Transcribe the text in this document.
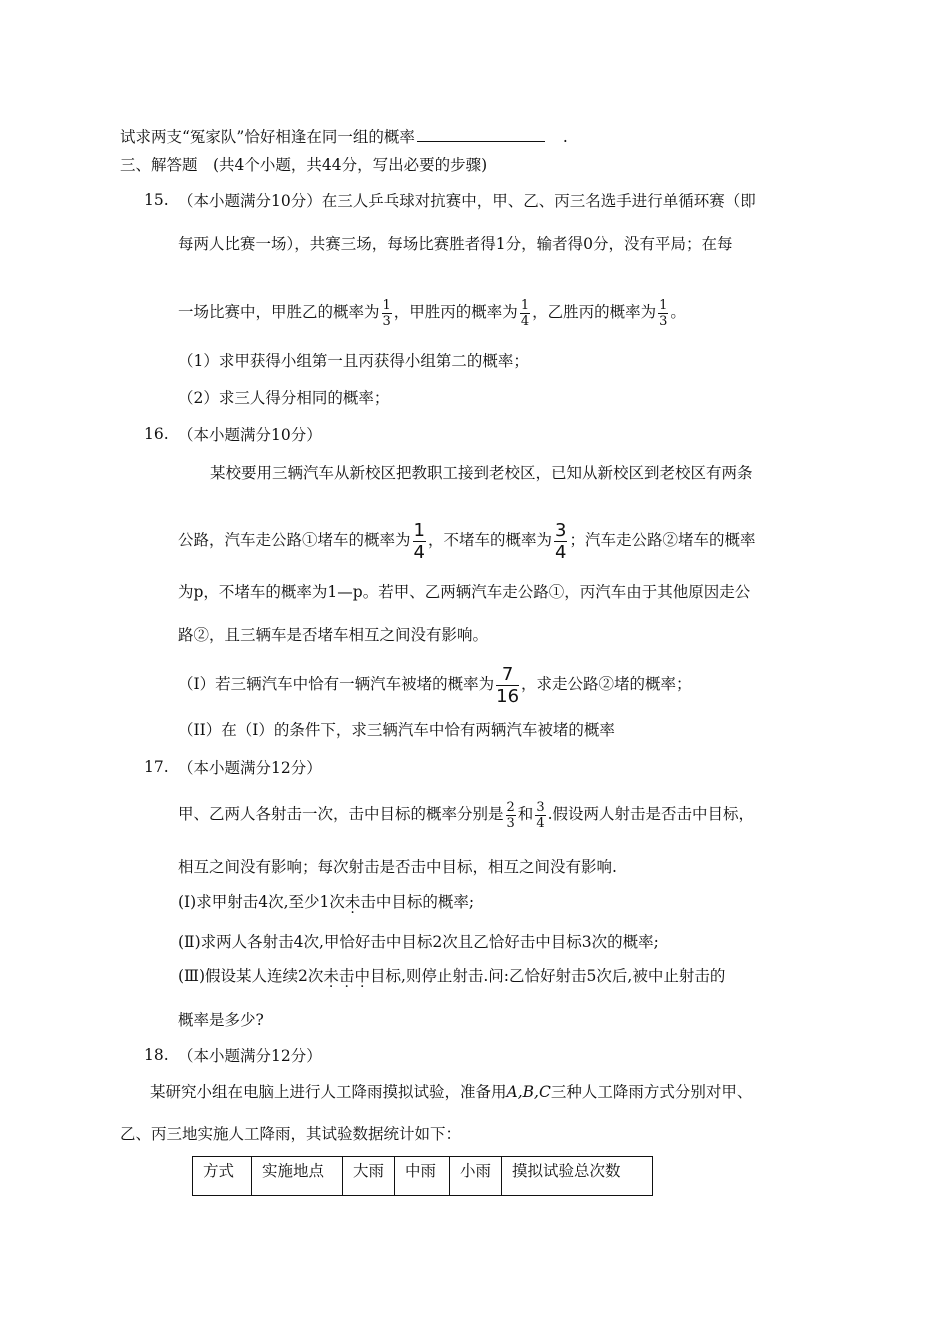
试求两支“冤家队”恰好相逢在同一组的概率	.
三、解答题　(共4个小题，共44分，写出必要的步骤)
15. （本小题满分10分）在三人乒乓球对抗赛中，甲、乙、丙三名选手进行单循环赛（即
每两人比赛一场），共赛三场，每场比赛胜者得1分，输者得0分，没有平局；在每
一场比赛中，甲胜乙的概率为 $\frac{1}{3}$ ，甲胜丙的概率为 $\frac{1}{4}$ ，乙胜丙的概率为 $\frac{1}{3}$ 。
（1）求甲获得小组第一且丙获得小组第二的概率；
（2）求三人得分相同的概率；
16. （本小题满分10分）
某校要用三辆汽车从新校区把教职工接到老校区，已知从新校区到老校区有两条
公路，汽车走公路①堵车的概率为 $\frac{1}{4}$ ，不堵车的概率为 $\frac{3}{4}$ ；汽车走公路②堵车的概率
为p，不堵车的概率为1—p。若甲、乙两辆汽车走公路①，丙汽车由于其他原因走公
路②，且三辆车是否堵车相互之间没有影响。
（I）若三辆汽车中恰有一辆汽车被堵的概率为 $\frac{7}{16}$ ，求走公路②堵的概率；
（II）在（I）的条件下，求三辆汽车中恰有两辆汽车被堵的概率
17. （本小题满分12分）
甲、乙两人各射击一次，击中目标的概率分别是 $\frac{2}{3}$ 和 $\frac{3}{4}$ .假设两人射击是否击中目标，
相互之间没有影响；每次射击是否击中目标，相互之间没有影响.
(Ⅰ)求甲射击4次,至少1次未击中目标的概率;
(Ⅱ)求两人各射击4次,甲恰好击中目标2次且乙恰好击中目标3次的概率;
(Ⅲ)假设某人连续2次未击中目标,则停止射击.问:乙恰好射击5次后,被中止射击的
概率是多少?
18. （本小题满分12分）
某研究小组在电脑上进行人工降雨摸拟试验，准备用A,B,C三种人工降雨方式分别对甲、
乙、丙三地实施人工降雨，其试验数据统计如下：
方式	实施地点	大雨	中雨	小雨	摸拟试验总次数
